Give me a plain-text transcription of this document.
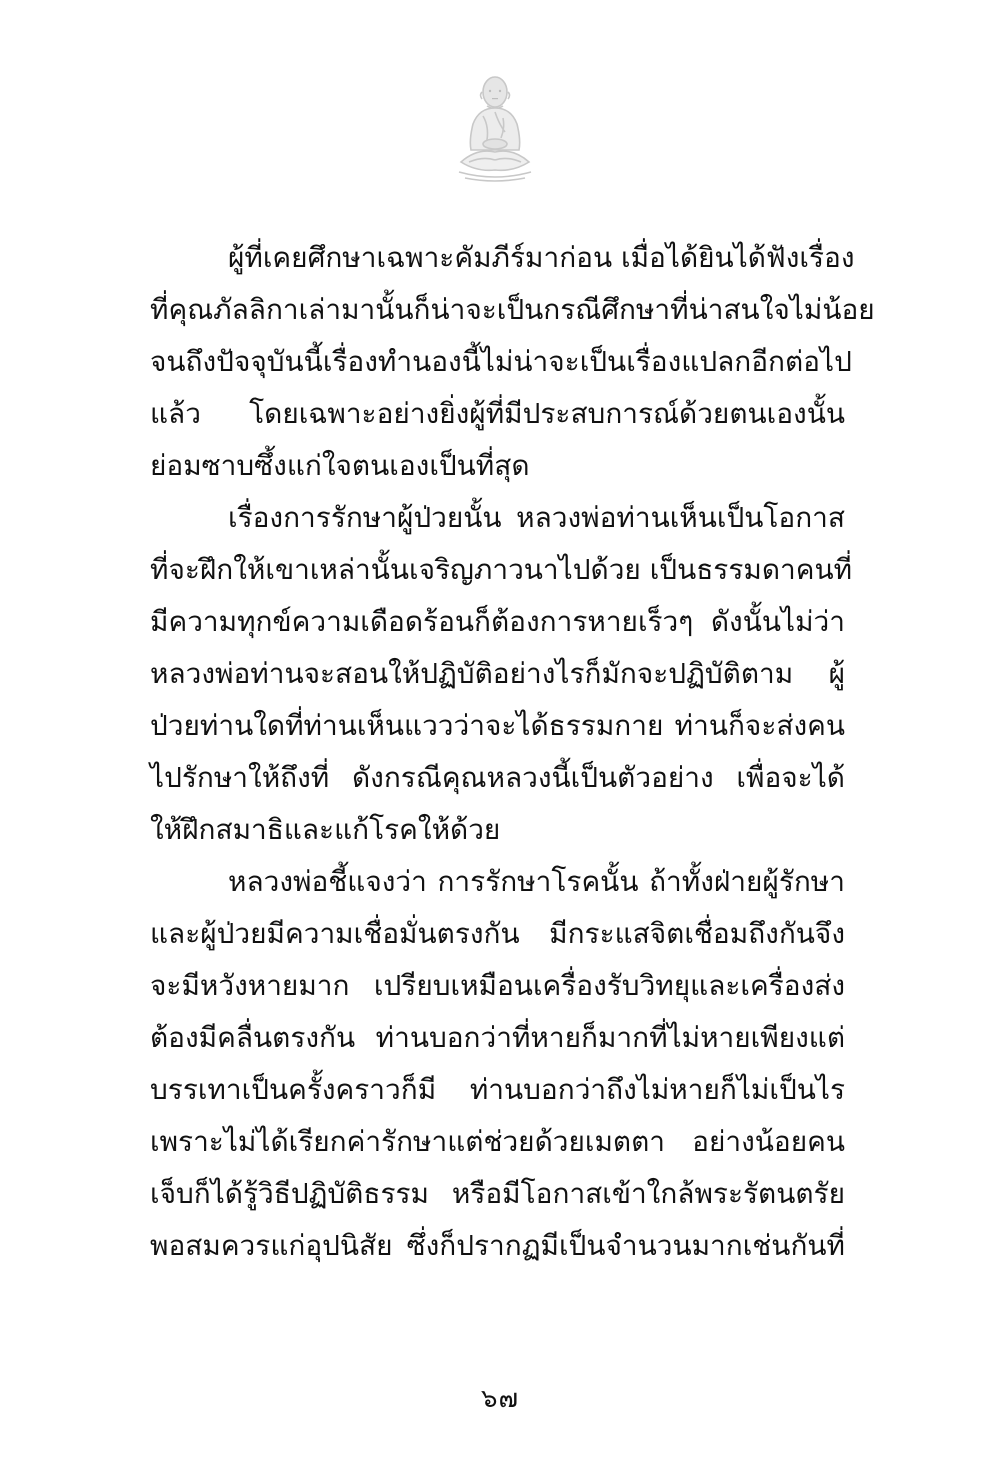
ผู้ที่เคยศึกษาเฉพาะคัมภีร์มาก่อน เมื่อได้ยินได้ฟังเรื่อง
ที่คุณภัลลิกาเล่ามานั้นก็น่าจะเป็นกรณีศึกษาที่น่าสนใจไม่น้อย
จนถึงปัจจุบันนี้เรื่องทำนองนี้ไม่น่าจะเป็นเรื่องแปลกอีกต่อไป
แล้ว โดยเฉพาะอย่างยิ่งผู้ที่มีประสบการณ์ด้วยตนเองนั้น
ย่อมซาบซึ้งแก่ใจตนเองเป็นที่สุด
เรื่องการรักษาผู้ป่วยนั้น หลวงพ่อท่านเห็นเป็นโอกาส
ที่จะฝึกให้เขาเหล่านั้นเจริญภาวนาไปด้วย เป็นธรรมดาคนที่
มีความทุกข์ความเดือดร้อนก็ต้องการหายเร็วๆ ดังนั้นไม่ว่า
หลวงพ่อท่านจะสอนให้ปฏิบัติอย่างไรก็มักจะปฏิบัติตาม ผู้
ป่วยท่านใดที่ท่านเห็นแววว่าจะได้ธรรมกาย ท่านก็จะส่งคน
ไปรักษาให้ถึงที่ ดังกรณีคุณหลวงนี้เป็นตัวอย่าง เพื่อจะได้
ให้ฝึกสมาธิและแก้โรคให้ด้วย
หลวงพ่อชี้แจงว่า การรักษาโรคนั้น ถ้าทั้งฝ่ายผู้รักษา
และผู้ป่วยมีความเชื่อมั่นตรงกัน มีกระแสจิตเชื่อมถึงกันจึง
จะมีหวังหายมาก เปรียบเหมือนเครื่องรับวิทยุและเครื่องส่ง
ต้องมีคลื่นตรงกัน ท่านบอกว่าที่หายก็มากที่ไม่หายเพียงแต่
บรรเทาเป็นครั้งคราวก็มี ท่านบอกว่าถึงไม่หายก็ไม่เป็นไร
เพราะไม่ได้เรียกค่ารักษาแต่ช่วยด้วยเมตตา อย่างน้อยคน
เจ็บก็ได้รู้วิธีปฏิบัติธรรม หรือมีโอกาสเข้าใกล้พระรัตนตรัย
พอสมควรแก่อุปนิสัย ซึ่งก็ปรากฏมีเป็นจำนวนมากเช่นกันที่
๖๗
